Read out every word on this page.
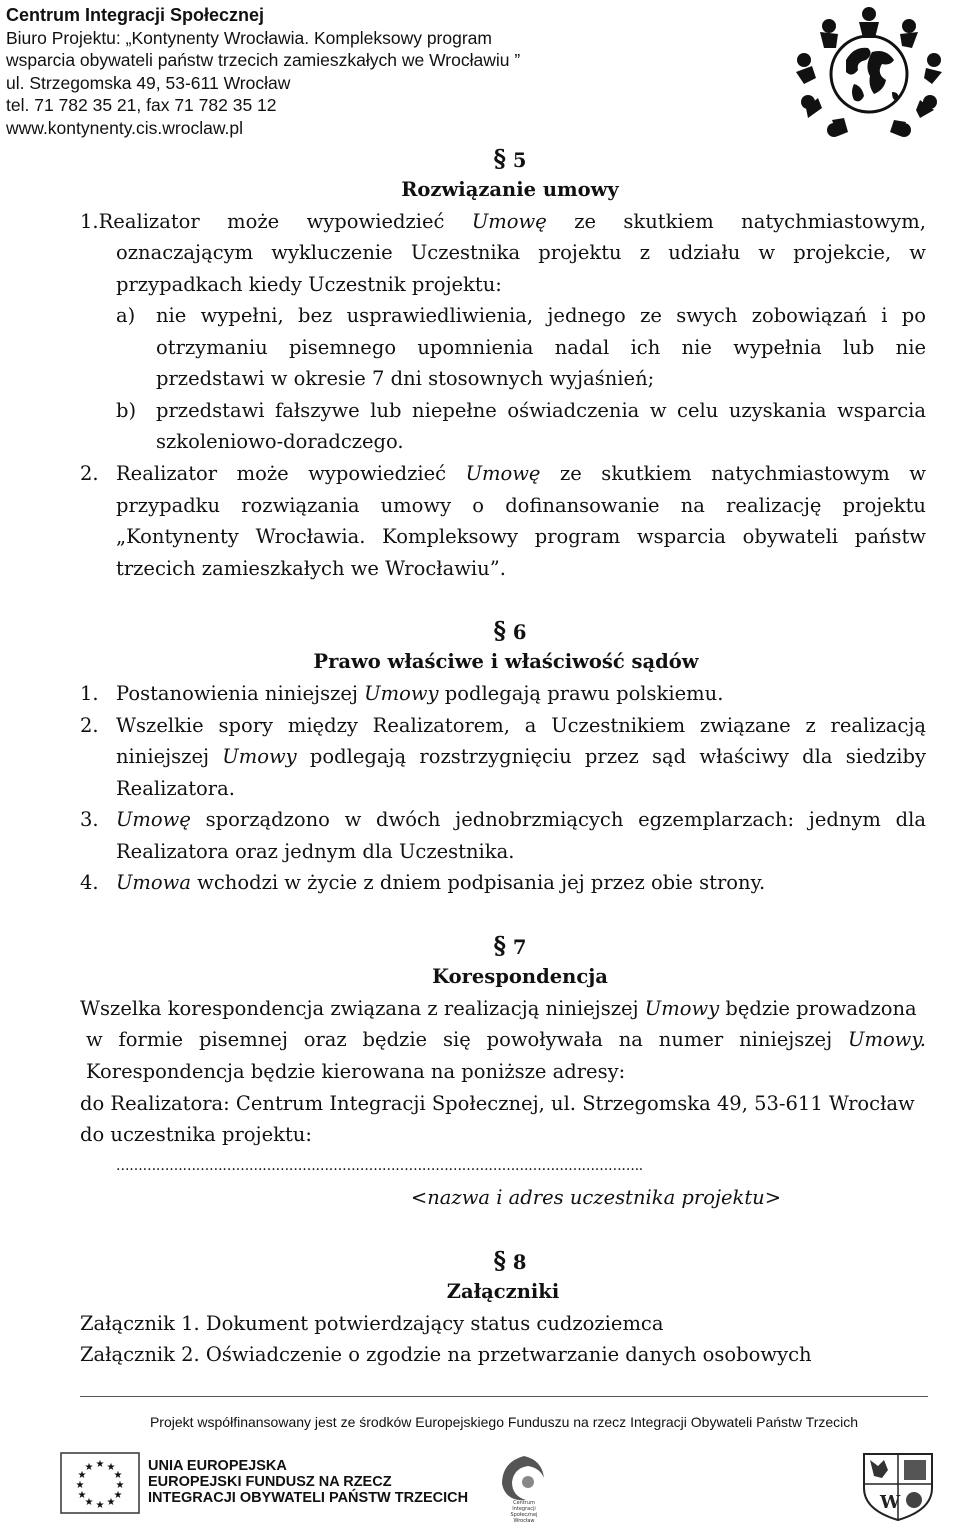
Centrum Integracji Społecznej
Biuro Projektu: „Kontynenty Wrocławia. Kompleksowy program
wsparcia obywateli państw trzecich zamieszkałych we Wrocławiu ”
ul. Strzegomska 49, 53-611 Wrocław
tel. 71 782 35 21, fax 71 782 35 12
www.kontynenty.cis.wroclaw.pl
§ 5
Rozwiązanie umowy
1.Realizator może wypowiedzieć Umowę ze skutkiem natychmiastowym,
oznaczającym wykluczenie Uczestnika projektu z udziału w projekcie, w
przypadkach kiedy Uczestnik projektu:
a) nie wypełni, bez usprawiedliwienia, jednego ze swych zobowiązań i po
otrzymaniu pisemnego upomnienia nadal ich nie wypełnia lub nie
przedstawi w okresie 7 dni stosownych wyjaśnień;
b) przedstawi fałszywe lub niepełne oświadczenia w celu uzyskania wsparcia
szkoleniowo-doradczego.
2. Realizator może wypowiedzieć Umowę ze skutkiem natychmiastowym w
przypadku rozwiązania umowy o dofinansowanie na realizację projektu
„Kontynenty Wrocławia. Kompleksowy program wsparcia obywateli państw
trzecich zamieszkałych we Wrocławiu”.
§ 6
Prawo właściwe i właściwość sądów
1. Postanowienia niniejszej Umowy podlegają prawu polskiemu.
2. Wszelkie spory między Realizatorem, a Uczestnikiem związane z realizacją
niniejszej Umowy podlegają rozstrzygnięciu przez sąd właściwy dla siedziby
Realizatora.
3. Umowę sporządzono w dwóch jednobrzmiących egzemplarzach: jednym dla
Realizatora oraz jednym dla Uczestnika.
4. Umowa wchodzi w życie z dniem podpisania jej przez obie strony.
§ 7
Korespondencja
Wszelka korespondencja związana z realizacją niniejszej Umowy będzie prowadzona
w formie pisemnej oraz będzie się powoływała na numer niniejszej Umowy.
Korespondencja będzie kierowana na poniższe adresy:
do Realizatora: Centrum Integracji Społecznej, ul. Strzegomska 49, 53-611 Wrocław
do uczestnika projektu:
………………………………………………………………………………………………………..
<nazwa i adres uczestnika projektu>
§ 8
Załączniki
Załącznik 1. Dokument potwierdzający status cudzoziemca
Załącznik 2. Oświadczenie o zgodzie na przetwarzanie danych osobowych
Projekt współfinansowany jest ze środków Europejskiego Funduszu na rzecz Integracji Obywateli Państw Trzecich
★ ★
★
★
★
★
★
★
★
★
★
★	UNIA EUROPEJSKA
EUROPEJSKI FUNDUSZ NA RZECZ
INTEGRACJI OBYWATELI PAŃSTW TRZECICH	Centrum
Integracji
Społecznej
Wrocław
W
